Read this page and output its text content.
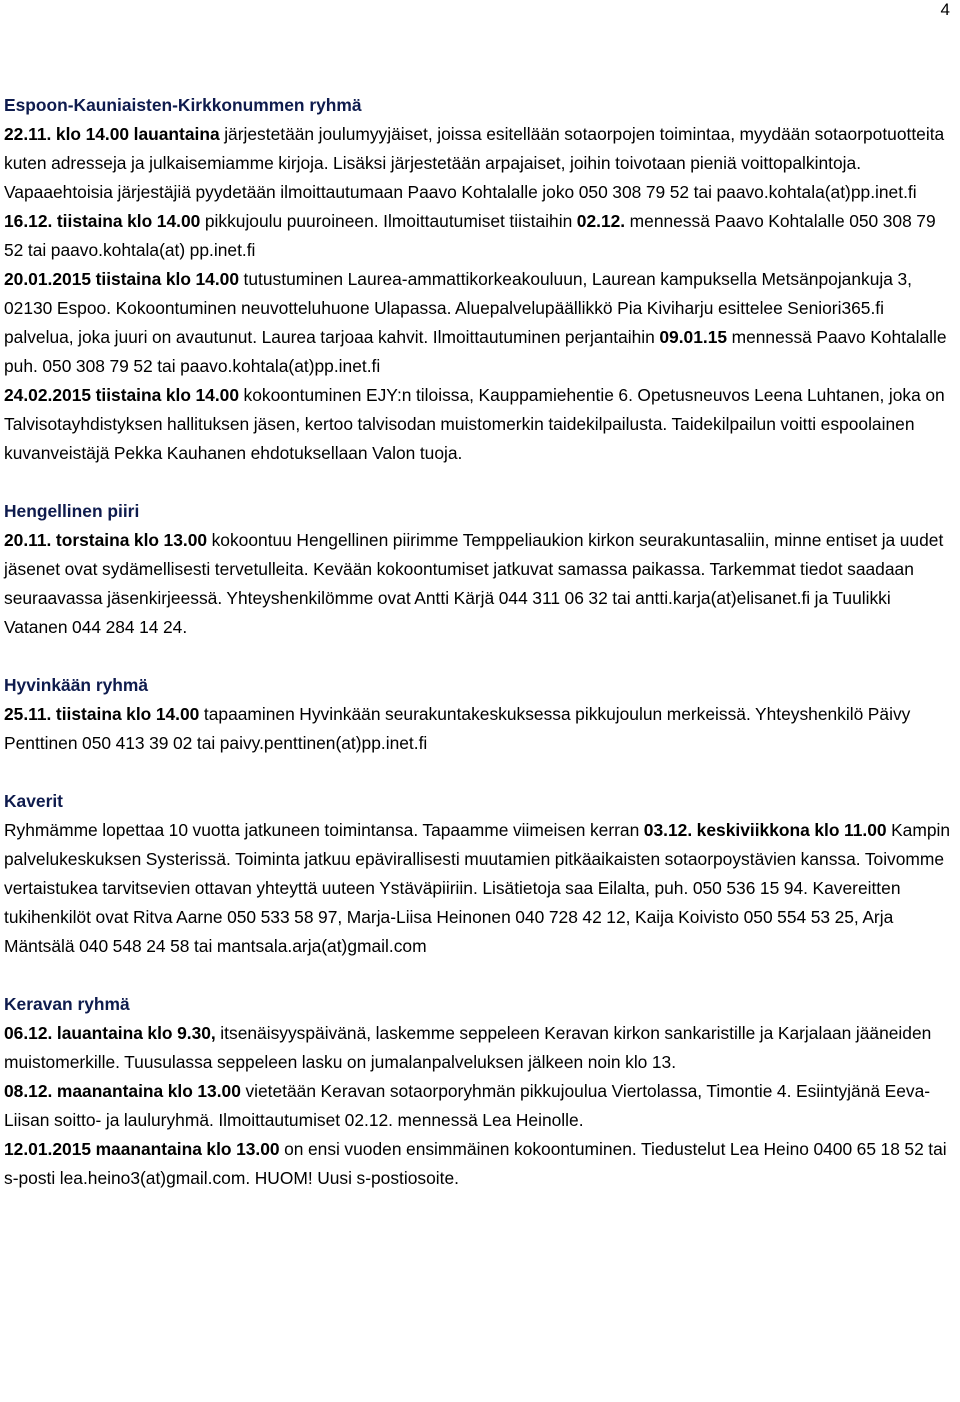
4

Espoon-Kauniaisten-Kirkkonummen ryhmä

22.11. klo 14.00 lauantaina järjestetään joulumyyjäiset, joissa esitellään sotaorpojen toimintaa, myydään sotaorpotuotteita kuten adresseja ja julkaisemiamme kirjoja. Lisäksi järjestetään arpajaiset, joihin toivotaan pieniä voittopalkintoja. Vapaaehtoisia järjestäjiä pyydetään ilmoittautumaan Paavo Kohtalalle joko 050 308 79 52 tai paavo.kohtala(at)pp.inet.fi

16.12. tiistaina klo 14.00 pikkujoulu puuroineen. Ilmoittautumiset tiistaihin 02.12. mennessä Paavo Kohtalalle 050 308 79 52 tai paavo.kohtala(at) pp.inet.fi

20.01.2015 tiistaina klo 14.00 tutustuminen Laurea-ammattikorkeakouluun, Laurean kampuksella Metsänpojankuja 3, 02130 Espoo. Kokoontuminen neuvotteluhuone Ulapassa. Aluepalvelupäällikkö Pia Kiviharju esittelee Seniori365.fi palvelua, joka juuri on avautunut. Laurea tarjoaa kahvit. Ilmoittautuminen perjantaihin 09.01.15 mennessä Paavo Kohtalalle puh. 050 308 79 52 tai paavo.kohtala(at)pp.inet.fi

24.02.2015 tiistaina klo 14.00 kokoontuminen EJY:n tiloissa, Kauppamiehentie 6. Opetusneuvos Leena Luhtanen, joka on Talvisotayhdistyksen hallituksen jäsen, kertoo talvisodan muistomerkin taidekilpailusta. Taidekilpailun voitti espoolainen kuvanveistäjä Pekka Kauhanen ehdotuksellaan Valon tuoja.

Hengellinen piiri

20.11. torstaina klo 13.00 kokoontuu Hengellinen piirimme Temppeliaukion kirkon seurakuntasaliin, minne entiset ja uudet jäsenet ovat sydämellisesti tervetulleita. Kevään kokoontumiset jatkuvat samassa paikassa. Tarkemmat tiedot saadaan seuraavassa jäsenkirjeessä. Yhteyshenkilömme ovat Antti Kärjä 044 311 06 32 tai antti.karja(at)elisanet.fi ja Tuulikki Vatanen 044 284 14 24.

Hyvinkään ryhmä

25.11. tiistaina klo 14.00 tapaaminen Hyvinkään seurakuntakeskuksessa pikkujoulun merkeissä. Yhteyshenkilö Päivy Penttinen 050 413 39 02 tai paivy.penttinen(at)pp.inet.fi

Kaverit

Ryhmämme lopettaa 10 vuotta jatkuneen toimintansa. Tapaamme viimeisen kerran 03.12. keskiviikkona klo 11.00 Kampin palvelukeskuksen Systerissä. Toiminta jatkuu epävirallisesti muutamien pitkäaikaisten sotaorpoystävien kanssa. Toivomme vertaistukea tarvitsevien ottavan yhteyttä uuteen Ystäväpiiriin. Lisätietoja saa Eilalta, puh. 050 536 15 94. Kavereitten tukihenkilöt ovat Ritva Aarne 050 533 58 97, Marja-Liisa Heinonen 040 728 42 12, Kaija Koivisto 050 554 53 25, Arja Mäntsälä 040 548 24 58 tai mantsala.arja(at)gmail.com

Keravan ryhmä

06.12. lauantaina klo 9.30, itsenäisyyspäivänä, laskemme seppeleen Keravan kirkon sankaristille ja Karjalaan jääneiden muistomerkille. Tuusulassa seppeleen lasku on jumalanpalveluksen jälkeen noin klo 13.

08.12. maanantaina klo 13.00 vietetään Keravan sotaorporyhmän pikkujoulua Viertolassa, Timontie 4. Esiintyjänä Eeva-Liisan soitto- ja lauluryhmä. Ilmoittautumiset 02.12. mennessä Lea Heinolle.

12.01.2015 maanantaina klo 13.00 on ensi vuoden ensimmäinen kokoontuminen. Tiedustelut Lea Heino 0400 65 18 52 tai s-posti lea.heino3(at)gmail.com. HUOM! Uusi s-postiosoite.
